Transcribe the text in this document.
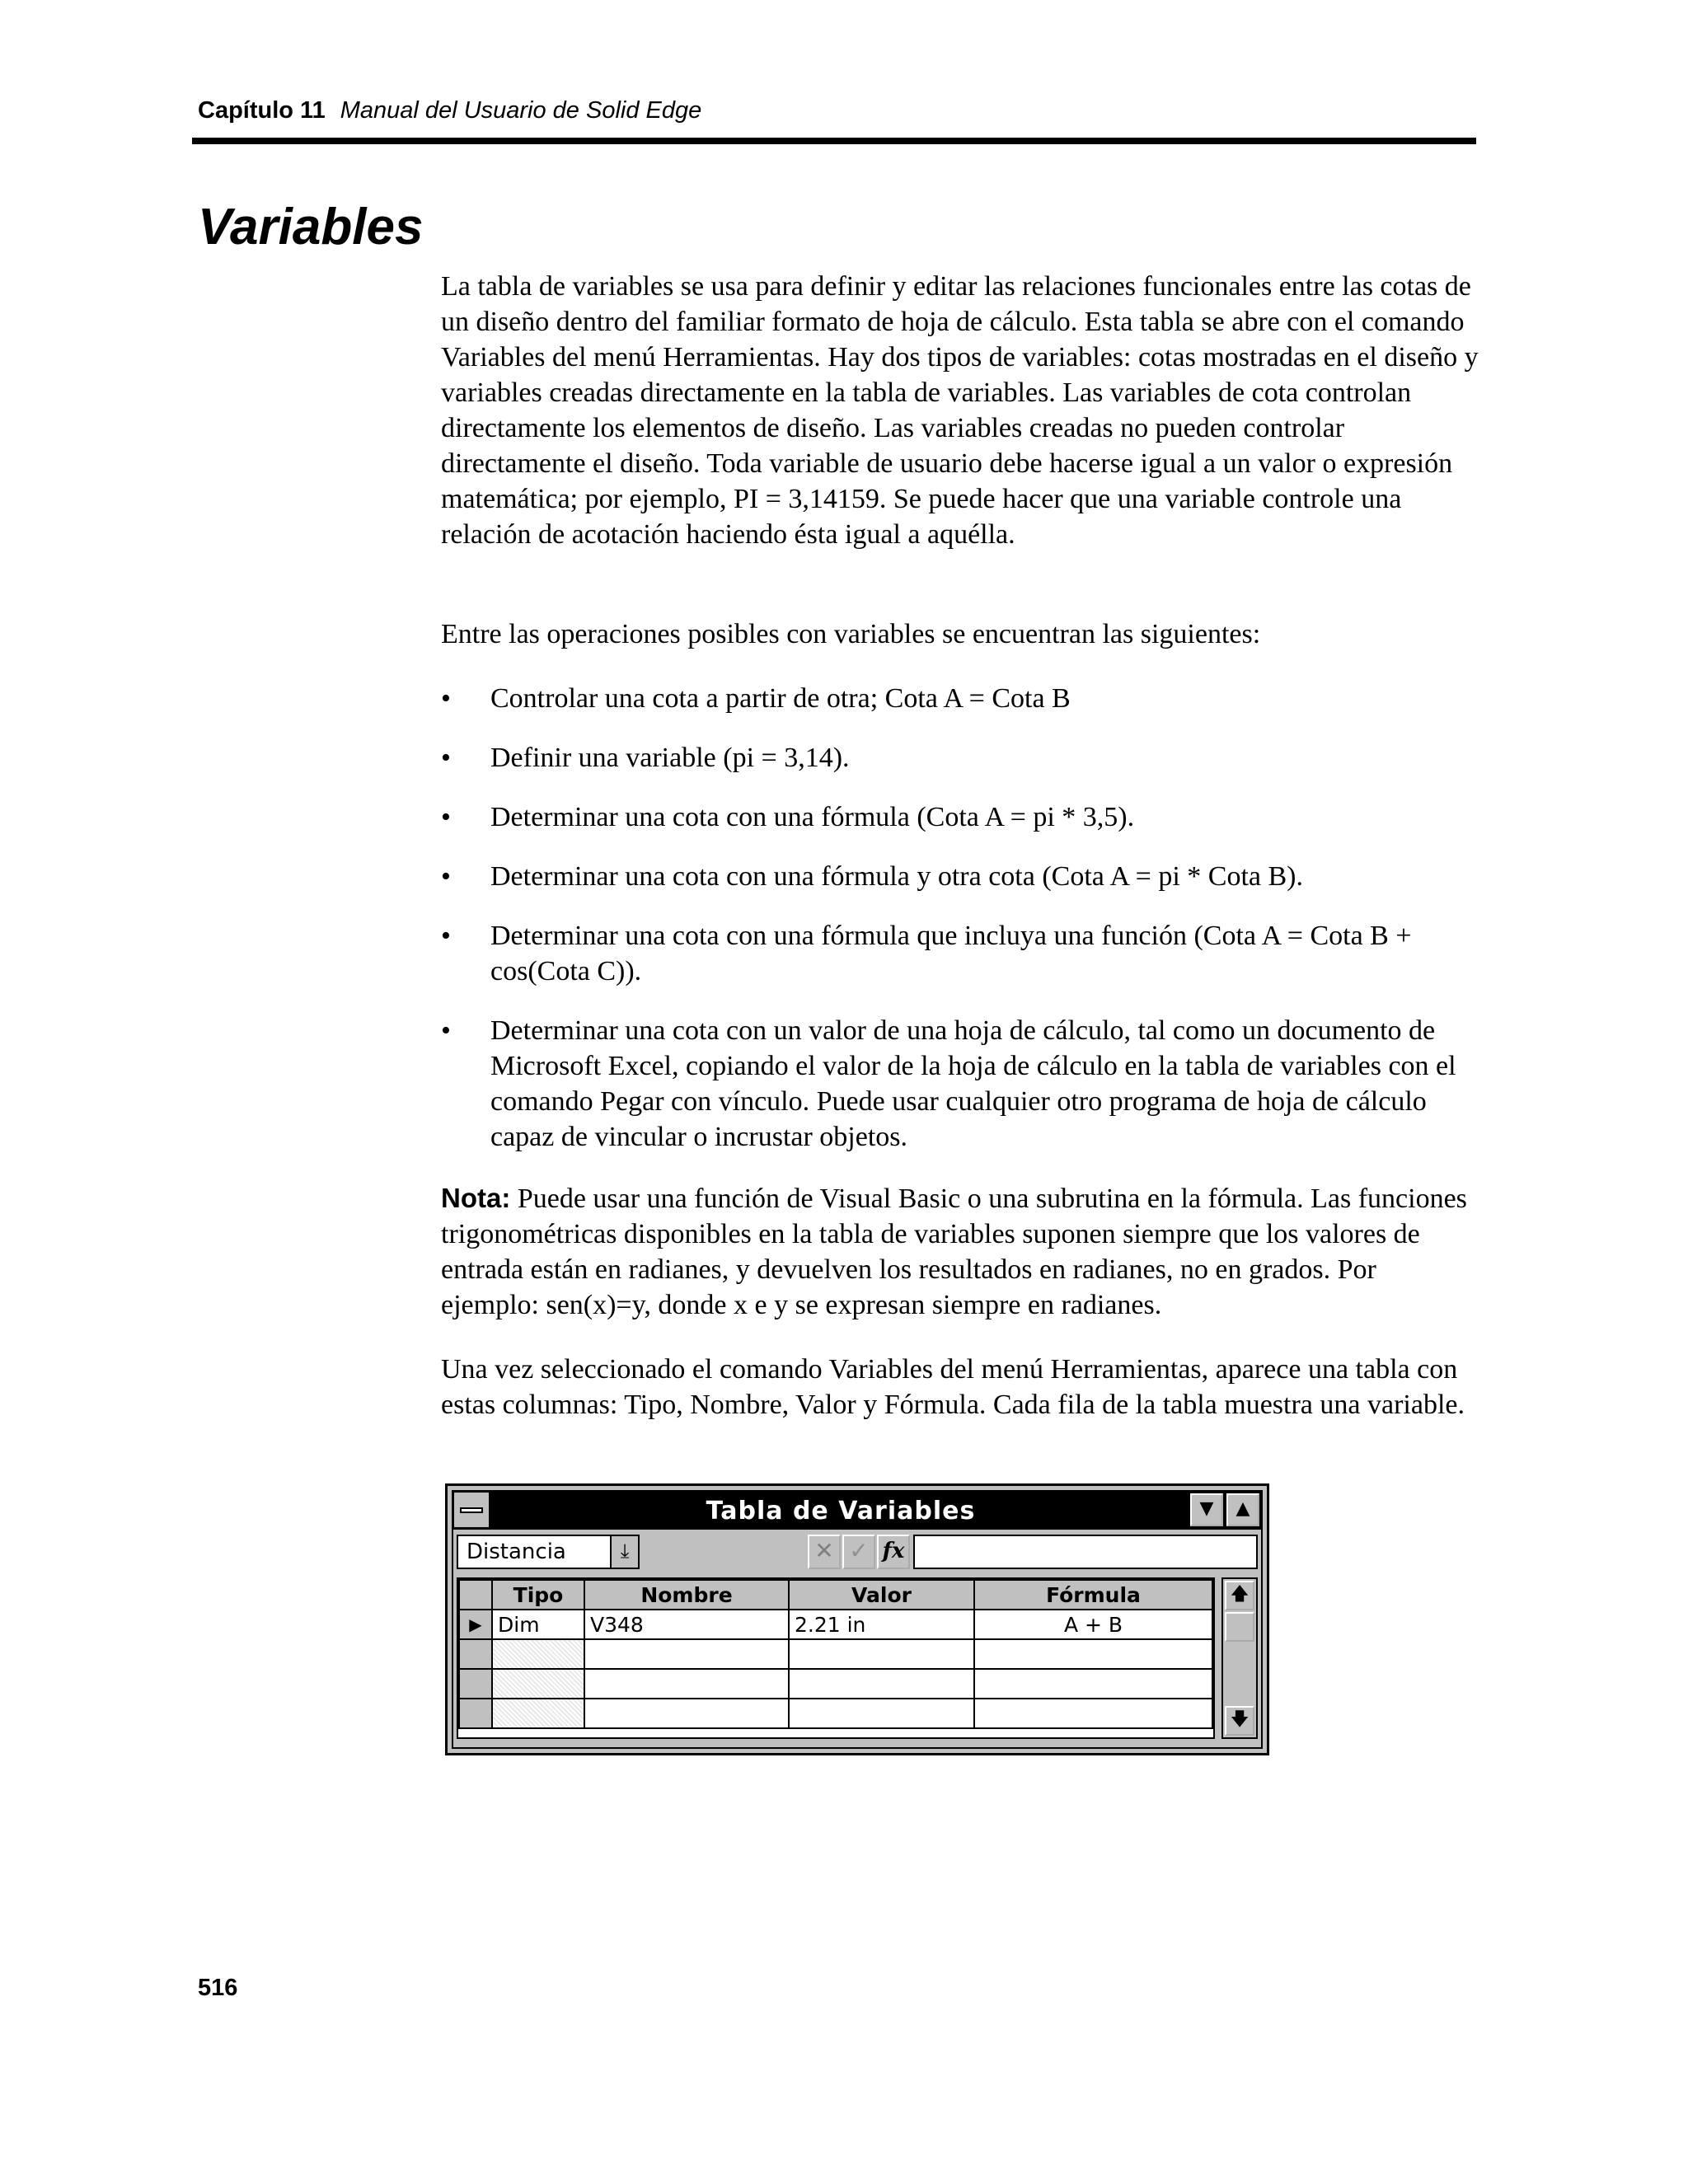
Capítulo 11 Manual del Usuario de Solid Edge
Variables
La tabla de variables se usa para definir y editar las relaciones funcionales entre las cotas de un diseño dentro del familiar formato de hoja de cálculo. Esta tabla se abre con el comando Variables del menú Herramientas. Hay dos tipos de variables: cotas mostradas en el diseño y variables creadas directamente en la tabla de variables. Las variables de cota controlan directamente los elementos de diseño. Las variables creadas no pueden controlar directamente el diseño. Toda variable de usuario debe hacerse igual a un valor o expresión matemática; por ejemplo, PI = 3,14159. Se puede hacer que una variable controle una relación de acotación haciendo ésta igual a aquélla.
Entre las operaciones posibles con variables se encuentran las siguientes:
• Controlar una cota a partir de otra; Cota A = Cota B
• Definir una variable (pi = 3,14).
• Determinar una cota con una fórmula (Cota A = pi * 3,5).
• Determinar una cota con una fórmula y otra cota (Cota A = pi * Cota B).
• Determinar una cota con una fórmula que incluya una función (Cota A = Cota B + cos(Cota C)).
• Determinar una cota con un valor de una hoja de cálculo, tal como un documento de Microsoft Excel, copiando el valor de la hoja de cálculo en la tabla de variables con el comando Pegar con vínculo. Puede usar cualquier otro programa de hoja de cálculo capaz de vincular o incrustar objetos.
Nota: Puede usar una función de Visual Basic o una subrutina en la fórmula. Las funciones trigonométricas disponibles en la tabla de variables suponen siempre que los valores de entrada están en radianes, y devuelven los resultados en radianes, no en grados. Por ejemplo: sen(x)=y, donde x e y se expresan siempre en radianes.
Una vez seleccionado el comando Variables del menú Herramientas, aparece una tabla con estas columnas: Tipo, Nombre, Valor y Fórmula. Cada fila de la tabla muestra una variable.
Tabla de Variables	▼	▲
Distancia	⤓	✕ ✓ fx
	Tipo	Nombre	Valor	Fórmula
▶	Dim	V348	2.21 in	A + B

🡅
🡇
516
